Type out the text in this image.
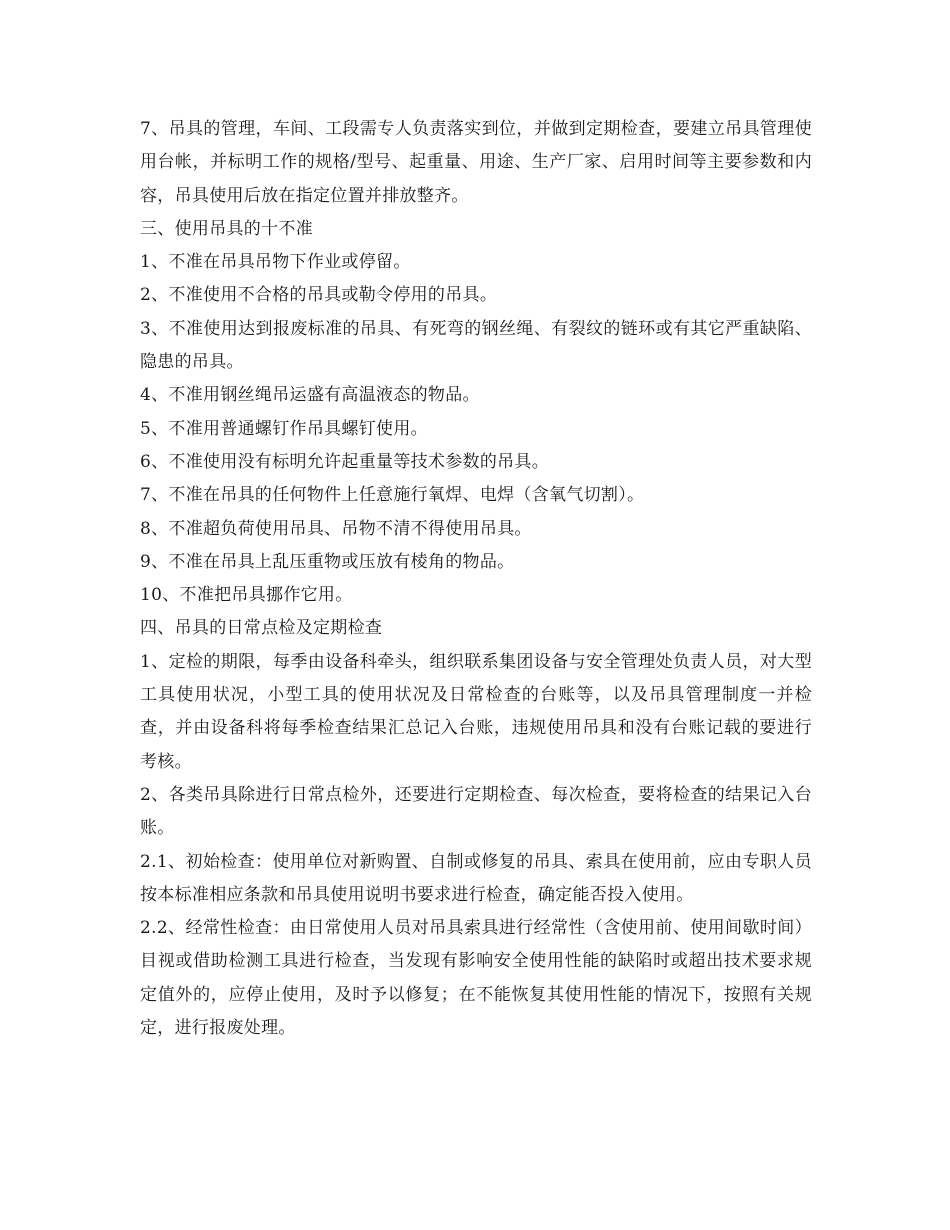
7、吊具的管理，车间、工段需专人负责落实到位，并做到定期检查，要建立吊具管理使用台帐，并标明工作的规格/型号、起重量、用途、生产厂家、启用时间等主要参数和内容，吊具使用后放在指定位置并排放整齐。

三、使用吊具的十不准

1、不准在吊具吊物下作业或停留。

2、不准使用不合格的吊具或勒令停用的吊具。

3、不准使用达到报废标准的吊具、有死弯的钢丝绳、有裂纹的链环或有其它严重缺陷、隐患的吊具。

4、不准用钢丝绳吊运盛有高温液态的物品。

5、不准用普通螺钉作吊具螺钉使用。

6、不准使用没有标明允许起重量等技术参数的吊具。

7、不准在吊具的任何物件上任意施行氧焊、电焊（含氧气切割）。

8、不准超负荷使用吊具、吊物不清不得使用吊具。

9、不准在吊具上乱压重物或压放有棱角的物品。

10、不准把吊具挪作它用。

四、吊具的日常点检及定期检查

1、定检的期限，每季由设备科牵头，组织联系集团设备与安全管理处负责人员，对大型工具使用状况，小型工具的使用状况及日常检查的台账等，以及吊具管理制度一并检查，并由设备科将每季检查结果汇总记入台账，违规使用吊具和没有台账记载的要进行考核。

2、各类吊具除进行日常点检外，还要进行定期检查、每次检查，要将检查的结果记入台账。

2.1、初始检查：使用单位对新购置、自制或修复的吊具、索具在使用前，应由专职人员按本标准相应条款和吊具使用说明书要求进行检查，确定能否投入使用。

2.2、经常性检查：由日常使用人员对吊具索具进行经常性（含使用前、使用间歇时间）目视或借助检测工具进行检查，当发现有影响安全使用性能的缺陷时或超出技术要求规定值外的，应停止使用，及时予以修复；在不能恢复其使用性能的情况下，按照有关规定，进行报废处理。
